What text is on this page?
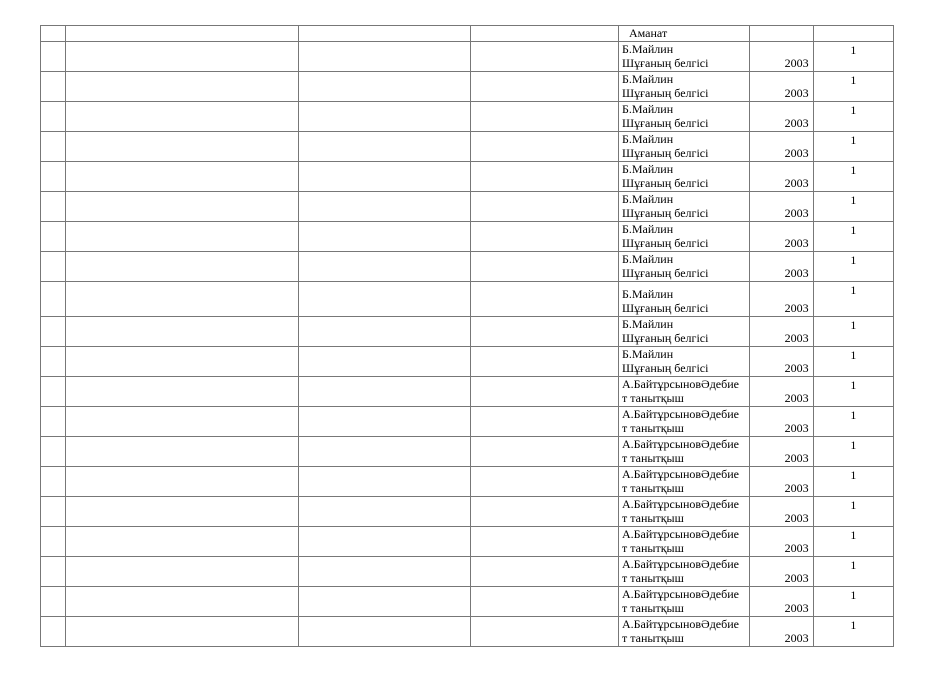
				Аманат		

				Б.Майлин
Шұғаның белгісі	2003	1

				Б.Майлин
Шұғаның белгісі	2003	1

				Б.Майлин
Шұғаның белгісі	2003	1

				Б.Майлин
Шұғаның белгісі	2003	1

				Б.Майлин
Шұғаның белгісі	2003	1

				Б.Майлин
Шұғаның белгісі	2003	1

				Б.Майлин
Шұғаның белгісі	2003	1

				Б.Майлин
Шұғаның белгісі	2003	1

				Б.Майлин
Шұғаның белгісі	2003	1

				Б.Майлин
Шұғаның белгісі	2003	1

				Б.Майлин
Шұғаның белгісі	2003	1

				А.БайтұрсыновӘдебие
т танытқыш	2003	1

				А.БайтұрсыновӘдебие
т танытқыш	2003	1

				А.БайтұрсыновӘдебие
т танытқыш	2003	1

				А.БайтұрсыновӘдебие
т танытқыш	2003	1

				А.БайтұрсыновӘдебие
т танытқыш	2003	1

				А.БайтұрсыновӘдебие
т танытқыш	2003	1

				А.БайтұрсыновӘдебие
т танытқыш	2003	1

				А.БайтұрсыновӘдебие
т танытқыш	2003	1

				А.БайтұрсыновӘдебие
т танытқыш	2003	1
